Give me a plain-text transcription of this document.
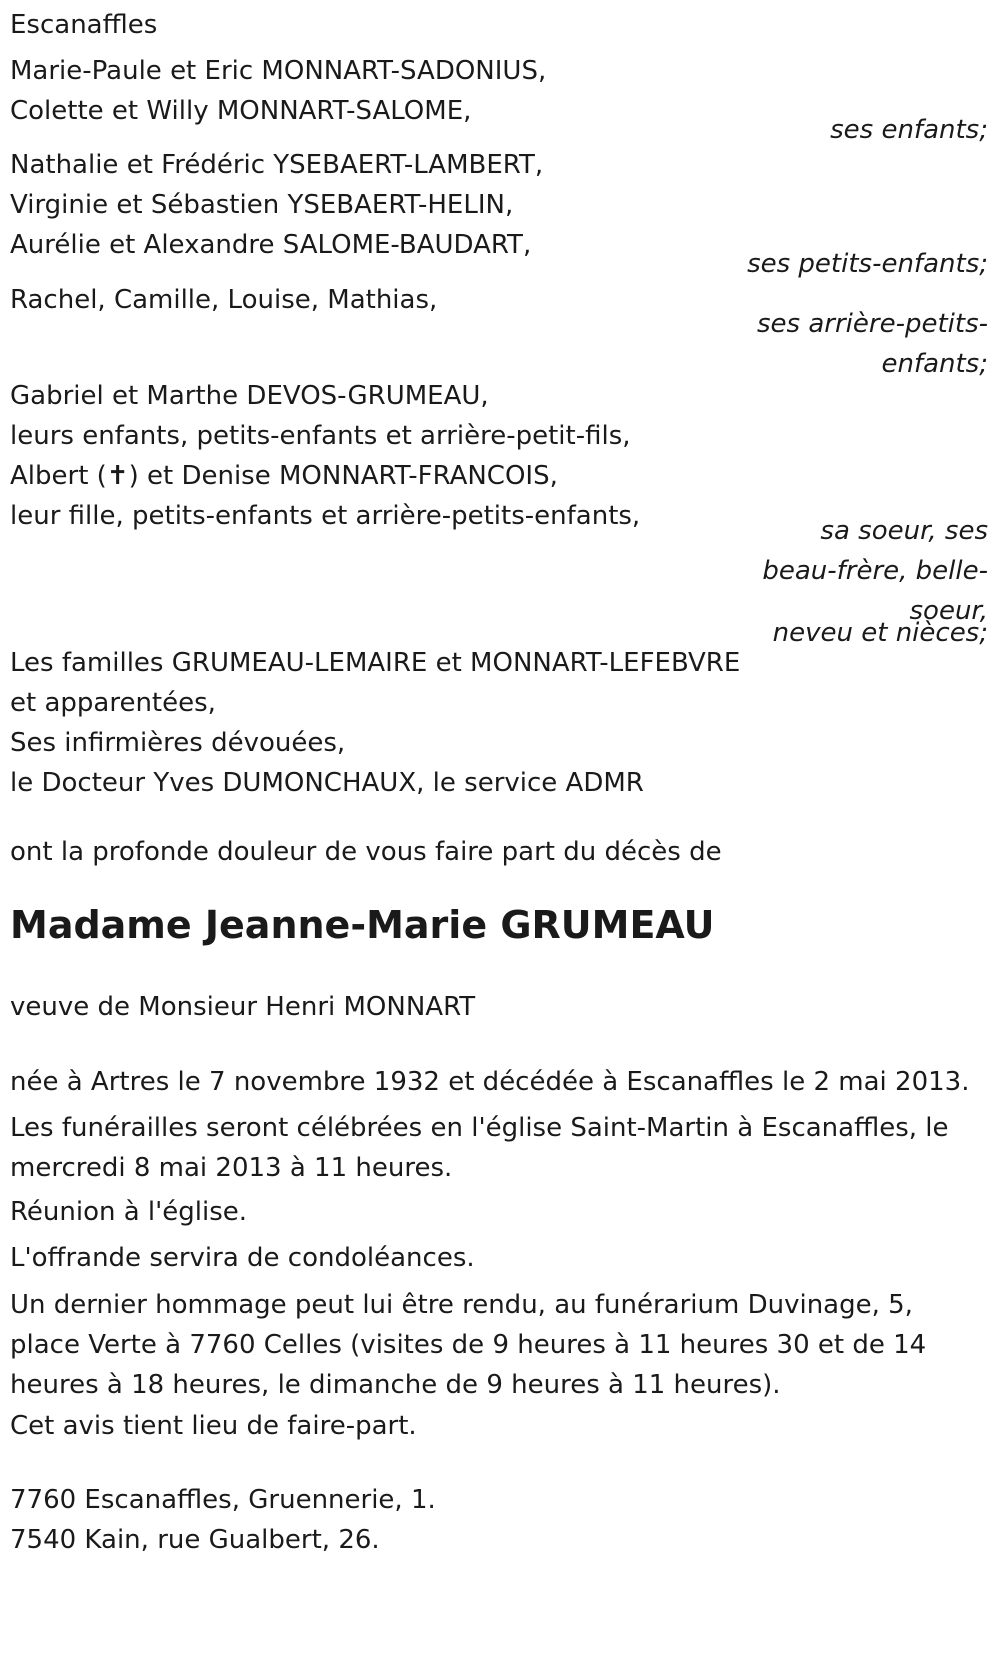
Escanaffles
Marie-Paule et Eric MONNART-SADONIUS,
Colette et Willy MONNART-SALOME,
ses enfants;
Nathalie et Frédéric YSEBAERT-LAMBERT,
Virginie et Sébastien YSEBAERT-HELIN,
Aurélie et Alexandre SALOME-BAUDART,
ses petits-enfants;
Rachel, Camille, Louise, Mathias,
ses arrière-petits-
enfants;
Gabriel et Marthe DEVOS-GRUMEAU,
leurs enfants, petits-enfants et arrière-petit-fils,
Albert (✝) et Denise MONNART-FRANCOIS,
leur fille, petits-enfants et arrière-petits-enfants,	sa soeur, ses
beau-frère, belle-
soeur,
neveu et nièces;
Les familles GRUMEAU-LEMAIRE et MONNART-LEFEBVRE
et apparentées,
Ses infirmières dévouées,
le Docteur Yves DUMONCHAUX, le service ADMR
ont la profonde douleur de vous faire part du décès de
Madame Jeanne-Marie GRUMEAU
veuve de Monsieur Henri MONNART
née à Artres le 7 novembre 1932 et décédée à Escanaffles le 2 mai 2013.
Les funérailles seront célébrées en l'église Saint-Martin à Escanaffles, le mercredi 8 mai 2013 à 11 heures.
Réunion à l'église.
L'offrande servira de condoléances.
Un dernier hommage peut lui être rendu, au funérarium Duvinage, 5, place Verte à 7760 Celles (visites de 9 heures à 11 heures 30 et de 14 heures à 18 heures, le dimanche de 9 heures à 11 heures).
Cet avis tient lieu de faire-part.
7760 Escanaffles, Gruennerie, 1.
7540 Kain, rue Gualbert, 26.
